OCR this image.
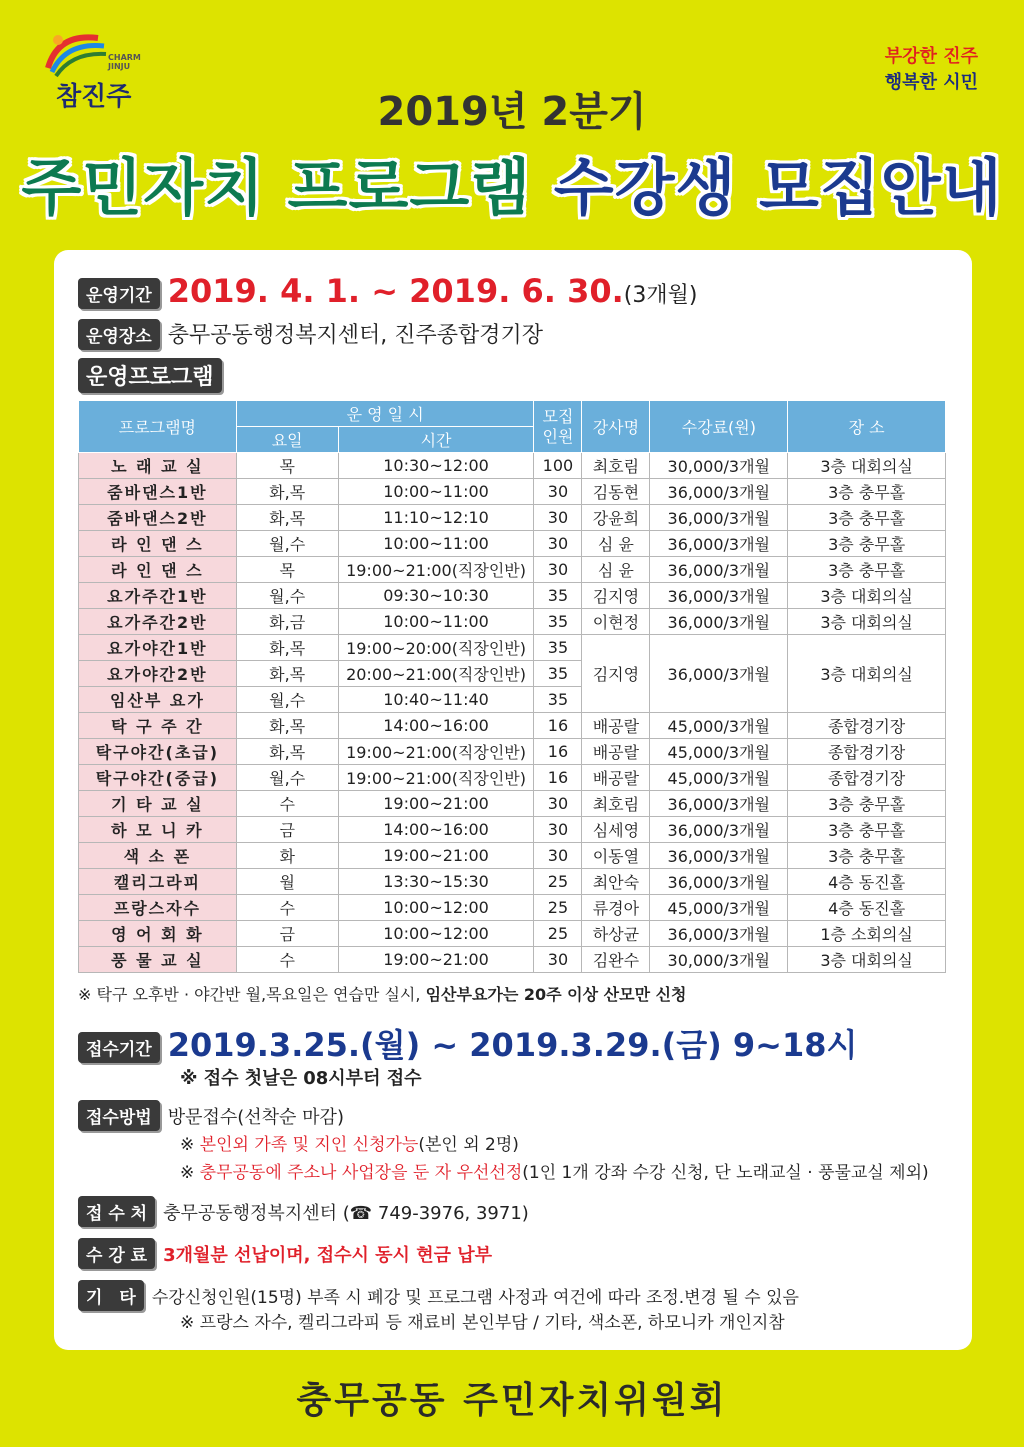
CHARM JINJU
참진주
부강한 진주
행복한 시민
2019년 2분기
주민자치 프로그램 수강생 모집안내
운영기간 2019. 4. 1. ~ 2019. 6. 30.(3개월)
운영장소 충무공동행정복지센터, 진주종합경기장
운영프로그램
프로그램명	운 영 일 시		모집 인원	강사명	수강료(원)	장 소
	요일	시간				
노 래 교 실	목	10:30~12:00	100	최호림	30,000/3개월	3층 대회의실
줌바댄스1반	화,목	10:00~11:00	30	김동현	36,000/3개월	3층 충무홀
줌바댄스2반	화,목	11:10~12:10	30	강윤희	36,000/3개월	3층 충무홀
라 인 댄 스	월,수	10:00~11:00	30	심 윤	36,000/3개월	3층 충무홀
라 인 댄 스	목	19:00~21:00(직장인반)	30	심 윤	36,000/3개월	3층 충무홀
요가주간1반	월,수	09:30~10:30	35	김지영	36,000/3개월	3층 대회의실
요가주간2반	화,금	10:00~11:00	35	이현정	36,000/3개월	3층 대회의실
요가야간1반	화,목	19:00~20:00(직장인반)	35	김지영	36,000/3개월	3층 대회의실
요가야간2반	화,목	20:00~21:00(직장인반)	35			
임산부 요가	월,수	10:40~11:40	35			
탁 구 주 간	화,목	14:00~16:00	16	배공랄	45,000/3개월	종합경기장
탁구야간(초급)	화,목	19:00~21:00(직장인반)	16	배공랄	45,000/3개월	종합경기장
탁구야간(중급)	월,수	19:00~21:00(직장인반)	16	배공랄	45,000/3개월	종합경기장
기 타 교 실	수	19:00~21:00	30	최호림	36,000/3개월	3층 충무홀
하 모 니 카	금	14:00~16:00	30	심세영	36,000/3개월	3층 충무홀
색 소 폰	화	19:00~21:00	30	이동열	36,000/3개월	3층 충무홀
캘리그라피	월	13:30~15:30	25	최안숙	36,000/3개월	4층 동진홀
프랑스자수	수	10:00~12:00	25	류경아	45,000/3개월	4층 동진홀
영 어 회 화	금	10:00~12:00	25	하상균	36,000/3개월	1층 소회의실
풍 물 교 실	수	19:00~21:00	30	김완수	30,000/3개월	3층 대회의실
※ 탁구 오후반 · 야간반 월,목요일은 연습만 실시, 임산부요가는 20주 이상 산모만 신청
접수기간 2019.3.25.(월) ~ 2019.3.29.(금) 9~18시
※ 접수 첫날은 08시부터 접수
접수방법 방문접수(선착순 마감)
※ 본인외 가족 및 지인 신청가능(본인 외 2명)
※ 충무공동에 주소나 사업장을 둔 자 우선선정(1인 1개 강좌 수강 신청, 단 노래교실 · 풍물교실 제외)
접 수 처 충무공동행정복지센터 (☎ 749-3976, 3971)
수 강 료 3개월분 선납이며, 접수시 동시 현금 납부
기　타 수강신청인원(15명) 부족 시 폐강 및 프로그램 사정과 여건에 따라 조정.변경 될 수 있음
※ 프랑스 자수, 켈리그라피 등 재료비 본인부담 / 기타, 색소폰, 하모니카 개인지참
충무공동 주민자치위원회
